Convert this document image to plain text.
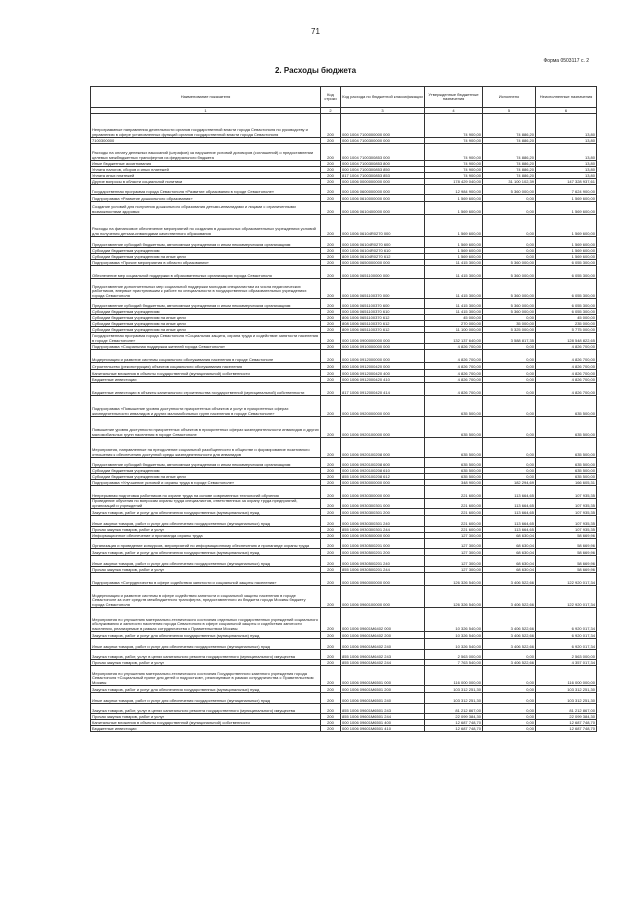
71
Форма 0503117 с. 2
2. Расходы бюджета
Наименование показателя	Код строки	Код расхода по бюджетной классификации	Утвержденные бюджетные назначения	Исполнено	Неисполненные назначения
1	2	3	4	5	6
Непрограммные направления деятельности органов государственной власти города Севастополя по руководству и управлению в сфере установленных функций органов государственной власти города Севастополя	200	000 1004 7100000000 000	74 900,00	74 886,20	13,80
7100300000	200	000 1004 7100300000 000	74 900,00	74 886,20	13,80
Расходы на оплату денежных взысканий (штрафов) за нарушение условий договоров (соглашений) о предоставлении целевых межбюджетных трансфертов из федерального бюджета	200	000 1004 7100300853 000	74 900,00	74 886,20	13,80
Иные бюджетные ассигнования	200	000 1004 7100300853 800	74 900,00	74 886,20	13,80
Уплата налогов, сборов и иных платежей	200	000 1004 7100300853 850	74 900,00	74 886,20	13,80
Уплата иных платежей	200	817 1004 7100300853 853	74 900,00	74 886,20	13,80
Другие вопросы в области социальной политики	200	000 1006 0000000000 000	178 429 040,00	31 100 102,39	147 328 937,61
Государственная программа города Севастополя «Развитие образования в городе Севастополе»	200	000 1006 0600000000 000	12 984 900,00	5 360 000,00	7 624 900,00
Подпрограмма «Развитие дошкольного образования»	200	000 1006 0610000000 000	1 569 600,00	0,00	1 569 600,00
Создание условий для получения дошкольного образования детьми-инвалидами и лицами с ограниченными возможностями здоровья	200	000 1006 0610400000 000	1 569 600,00	0,00	1 569 600,00
Расходы на финансовое обеспечение мероприятий по созданию в дошкольных образовательных учреждениях условий для получения детьми-инвалидами качественного образования	200	000 1006 06104R0270 000	1 569 600,00	0,00	1 569 600,00
Предоставление субсидий бюджетным, автономным учреждениям и иным некоммерческим организациям	200	000 1006 06104R0270 600	1 569 600,00	0,00	1 569 600,00
Субсидии бюджетным учреждениям	200	000 1006 06104R0270 610	1 569 600,00	0,00	1 569 600,00
Субсидии бюджетным учреждениям на иные цели	200	809 1006 06104R0270 612	1 569 600,00	0,00	1 569 600,00
Подпрограмма «Прочие мероприятия в области образования»	200	000 1006 0650000000 000	11 415 300,00	5 360 000,00	6 055 300,00
Обеспечение мер социальной поддержки в образовательных организациях города Севастополя	200	000 1006 0651100000 000	11 415 300,00	5 360 000,00	6 055 300,00
Предоставление дополнительных мер социальной поддержки молодым специалистам из числа педагогических работников, впервые приступившим к работе по специальности в государственных образовательных учреждениях города Севастополя	200	000 1006 0651100370 000	11 415 300,00	5 360 000,00	6 055 300,00
Предоставление субсидий бюджетным, автономным учреждениям и иным некоммерческим организациям	200	000 1006 0651100370 600	11 415 300,00	5 360 000,00	6 055 300,00
Субсидии бюджетным учреждениям	200	000 1006 0651100370 610	11 415 300,00	5 360 000,00	6 055 300,00
Субсидии бюджетным учреждениям на иные цели	200	806 1006 0651100370 612	45 000,00	0,00	45 000,00
Субсидии бюджетным учреждениям на иные цели	200	808 1006 0651100370 612	270 000,00	35 000,00	235 000,00
Субсидии бюджетным учреждениям на иные цели	200	809 1006 0651100370 612	11 100 000,00	5 325 000,00	5 775 000,00
Государственная программа города Севастополя «Социальная защита, охрана труда и содействие занятости населения в городе Севастополе»	200	000 1006 0900000000 000	132 137 640,00	3 588 817,35	128 548 822,65
Подпрограмма «Социальная поддержка жителей города Севастополя»	200	000 1006 0910000000 000	4 826 700,00	0,00	4 826 700,00
Модернизация и развитие системы социального обслуживания населения в городе Севастополе	200	000 1006 0912000000 000	4 826 700,00	0,00	4 826 700,00
Строительство (реконструкция) объектов социального обслуживания населения	200	000 1006 0912000420 000	4 826 700,00	0,00	4 826 700,00
Капитальные вложения в объекты государственной (муниципальной) собственности	200	000 1006 0912000420 400	4 826 700,00	0,00	4 826 700,00
Бюджетные инвестиции	200	000 1006 0912000420 410	4 826 700,00	0,00	4 826 700,00
Бюджетные инвестиции в объекты капитального строительства государственной (муниципальной) собственности	200	817 1006 0912000420 414	4 826 700,00	0,00	4 826 700,00
Подпрограмма «Повышение уровня доступности приоритетных объектов и услуг в приоритетных сферах жизнедеятельности инвалидов и других маломобильных групп населения в городе Севастополе»	200	000 1006 0920000000 000	635 500,00	0,00	635 500,00
Повышение уровня доступности приоритетных объектов в приоритетных сферах жизнедеятельности инвалидов и других маломобильных групп населения в городе Севастополе	200	000 1006 0920100000 000	635 500,00	0,00	635 500,00
Мероприятия, направленные на преодоление социальной разобщенности в обществе и формирование позитивного отношения к обеспечению доступной среды жизнедеятельности для инвалидов	200	000 1006 0920100208 000	635 500,00	0,00	635 500,00
Предоставление субсидий бюджетным, автономным учреждениям и иным некоммерческим организациям	200	000 1006 0920100208 600	635 500,00	0,00	635 500,00
Субсидии бюджетным учреждениям	200	000 1006 0920100208 610	635 500,00	0,00	635 500,00
Субсидии бюджетным учреждениям на иные цели	200	855 1006 0920100208 612	635 500,00	0,00	635 500,00
Подпрограмма «Улучшение условий и охраны труда в городе Севастополе»	200	000 1006 0930000000 000	348 900,00	182 294,69	166 605,31
Непрерывная подготовка работников по охране труда на основе современных технологий обучения	200	000 1006 0930300000 000	221 600,00	113 664,65	107 935,35
Проведение обучения по вопросам охраны труда специалистов, ответственных за охрану труда предприятий, организаций и учреждений	200	000 1006 0930300301 000	221 600,00	113 664,65	107 935,35
Закупка товаров, работ и услуг для обеспечения государственных (муниципальных) нужд	200	000 1006 0930300301 200	221 600,00	113 664,65	107 935,35
Иные закупки товаров, работ и услуг для обеспечения государственных (муниципальных) нужд	200	000 1006 0930300301 240	221 600,00	113 664,65	107 935,35
Прочая закупка товаров, работ и услуг	200	855 1006 0930300301 244	221 600,00	113 664,65	107 935,35
Информационное обеспечение и пропаганда охраны труда	200	000 1006 0930500000 000	127 300,00	68 630,04	58 669,96
Организация и проведение конкурсов, мероприятий по информационному обеспечению и пропаганде охраны труда	200	000 1006 0930500201 000	127 300,00	68 630,04	58 669,96
Закупка товаров, работ и услуг для обеспечения государственных (муниципальных) нужд	200	000 1006 0930500201 200	127 300,00	68 630,04	58 669,96
Иные закупки товаров, работ и услуг для обеспечения государственных (муниципальных) нужд	200	000 1006 0930500201 240	127 300,00	68 630,04	58 669,96
Прочая закупка товаров, работ и услуг	200	855 1006 0930500201 244	127 300,00	68 630,04	58 669,96
Подпрограмма «Сотрудничество в сфере содействия занятости и социальной защиты населения»	200	000 1006 0960000000 000	126 326 540,00	3 406 522,66	122 920 017,34
Модернизация и развитие системы в сфере содействия занятости и социальной защиты населения в городе Севастополе за счет средств межбюджетного трансферта, предоставленного из бюджета города Москвы бюджету города Севастополя	200	000 1006 0960100000 000	126 326 540,00	3 406 522,66	122 920 017,34
Мероприятия по улучшению материально-технического состояния отдельных государственных учреждений социального обслуживания и занятости населения города Севастополя в сфере социальной защиты и содействия занятости населения, реализуемые в рамках сотрудничества с Правительством Москвы	200	000 1006 09601М6402 000	10 326 540,00	3 406 522,66	6 920 017,34
Закупка товаров, работ и услуг для обеспечения государственных (муниципальных) нужд	200	000 1006 09601М6402 200	10 326 540,00	3 406 522,66	6 920 017,34
Иные закупки товаров, работ и услуг для обеспечения государственных (муниципальных) нужд	200	000 1006 09601М6402 240	10 326 540,00	3 406 522,66	6 920 017,34
Закупка товаров, работ, услуг в целях капитального ремонта государственного (муниципального) имущества	200	855 1006 09601М6402 243	2 563 000,00	0,00	2 563 000,00
Прочая закупка товаров, работ и услуг	200	855 1006 09601М6402 244	7 763 540,00	3 406 522,66	4 357 017,34
Мероприятия по улучшению материально-технического состояния Государственного казенного учреждения города Севастополя «Социальный приют для детей и подростков», реализуемые в рамках сотрудничества с Правительством Москвы	200	000 1006 09601М6501 000	116 000 000,00	0,00	116 000 000,00
Закупка товаров, работ и услуг для обеспечения государственных (муниципальных) нужд	200	000 1006 09601М6501 200	103 312 251,30	0,00	103 312 251,30
Иные закупки товаров, работ и услуг для обеспечения государственных (муниципальных) нужд	200	000 1006 09601М6501 240	103 312 251,30	0,00	103 312 251,30
Закупка товаров, работ, услуг в целях капитального ремонта государственного (муниципального) имущества	200	855 1006 09601М6501 243	81 212 867,00	0,00	81 212 867,00
Прочая закупка товаров, работ и услуг	200	855 1006 09601М6501 244	22 099 384,30	0,00	22 099 384,30
Капитальные вложения в объекты государственной (муниципальной) собственности	200	000 1006 09601М6501 400	12 687 748,70	0,00	12 687 748,70
Бюджетные инвестиции	200	000 1006 09601М6501 410	12 687 748,70	0,00	12 687 748,70
